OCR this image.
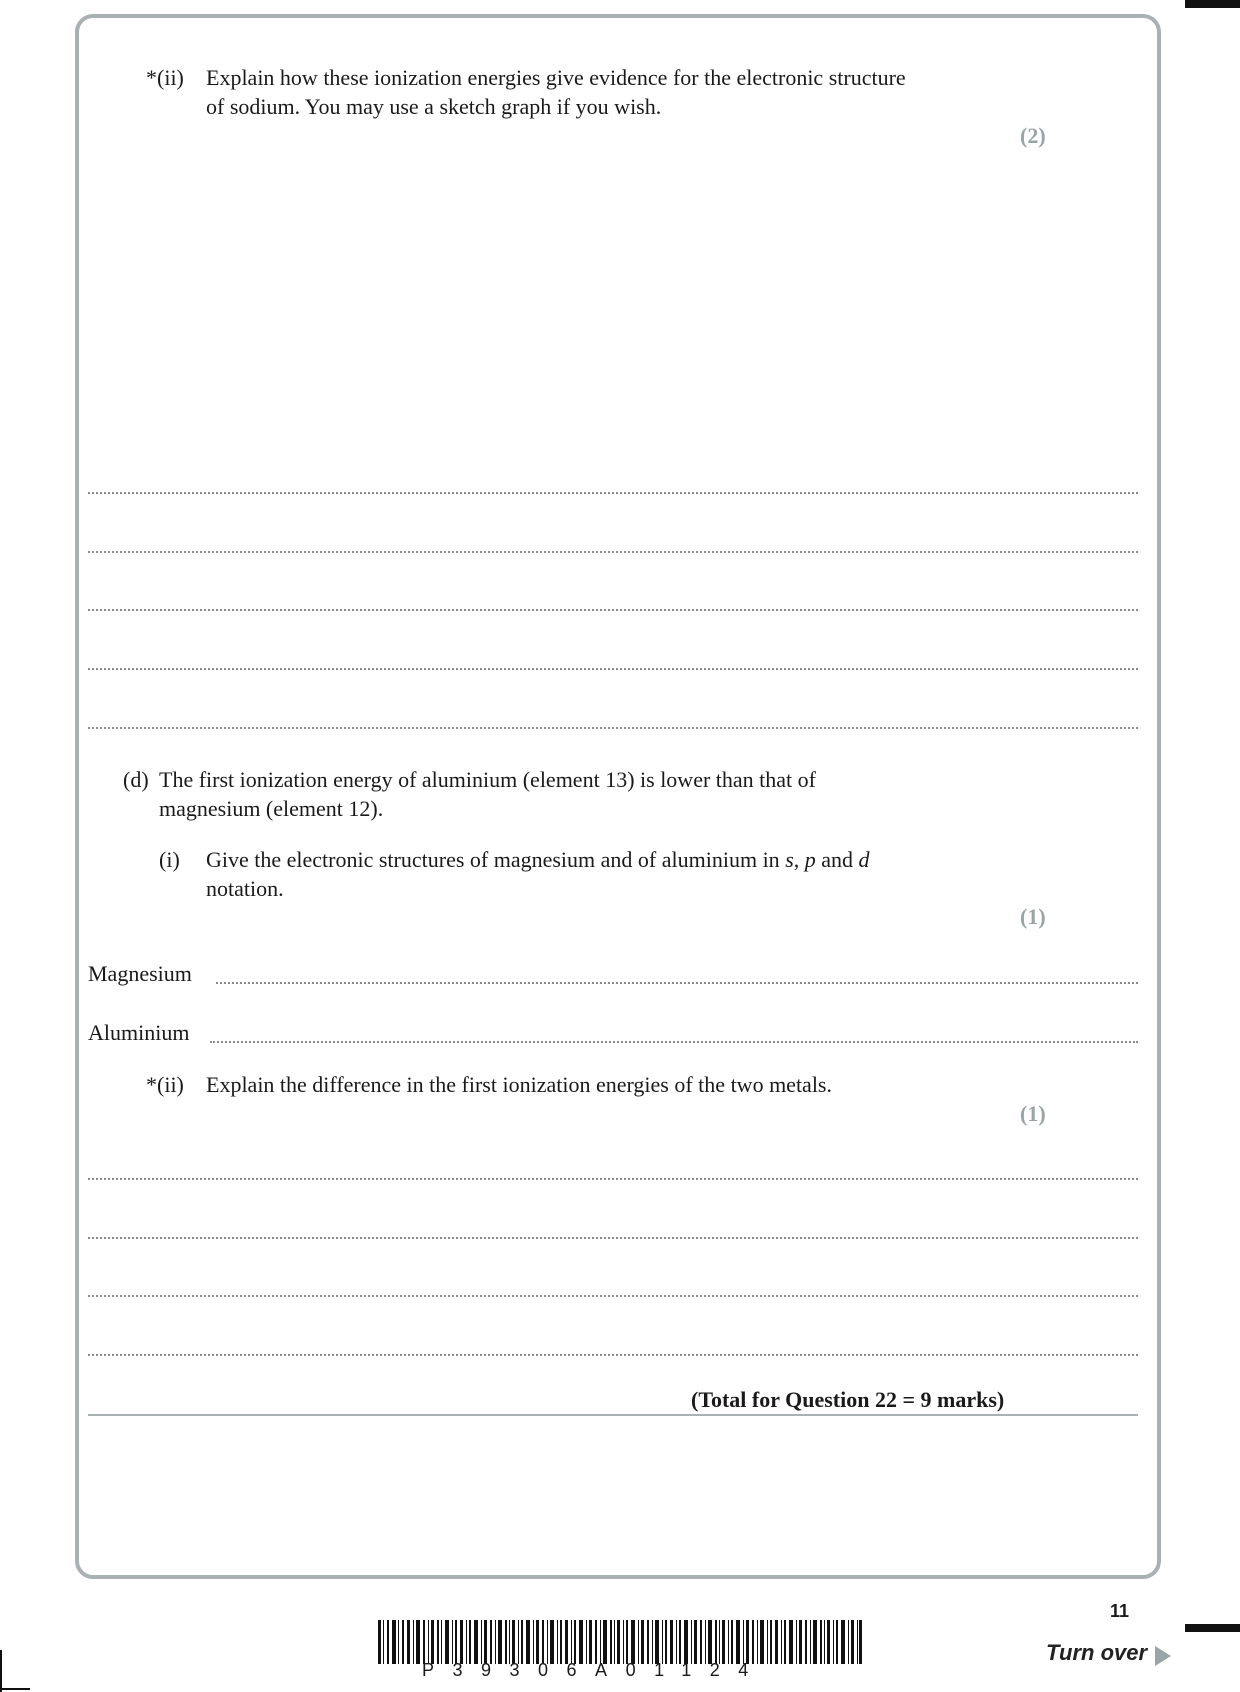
*(ii) Explain how these ionization energies give evidence for the electronic structure
of sodium. You may use a sketch graph if you wish.
(2)
(d) The first ionization energy of aluminium (element 13) is lower than that of
magnesium (element 12).
(i) Give the electronic structures of magnesium and of aluminium in s, p and d
notation.
(1)
Magnesium
Aluminium
*(ii) Explain the difference in the first ionization energies of the two metals.
(1)
(Total for Question 22 = 9 marks)
11
Turn over
P39306A01124
